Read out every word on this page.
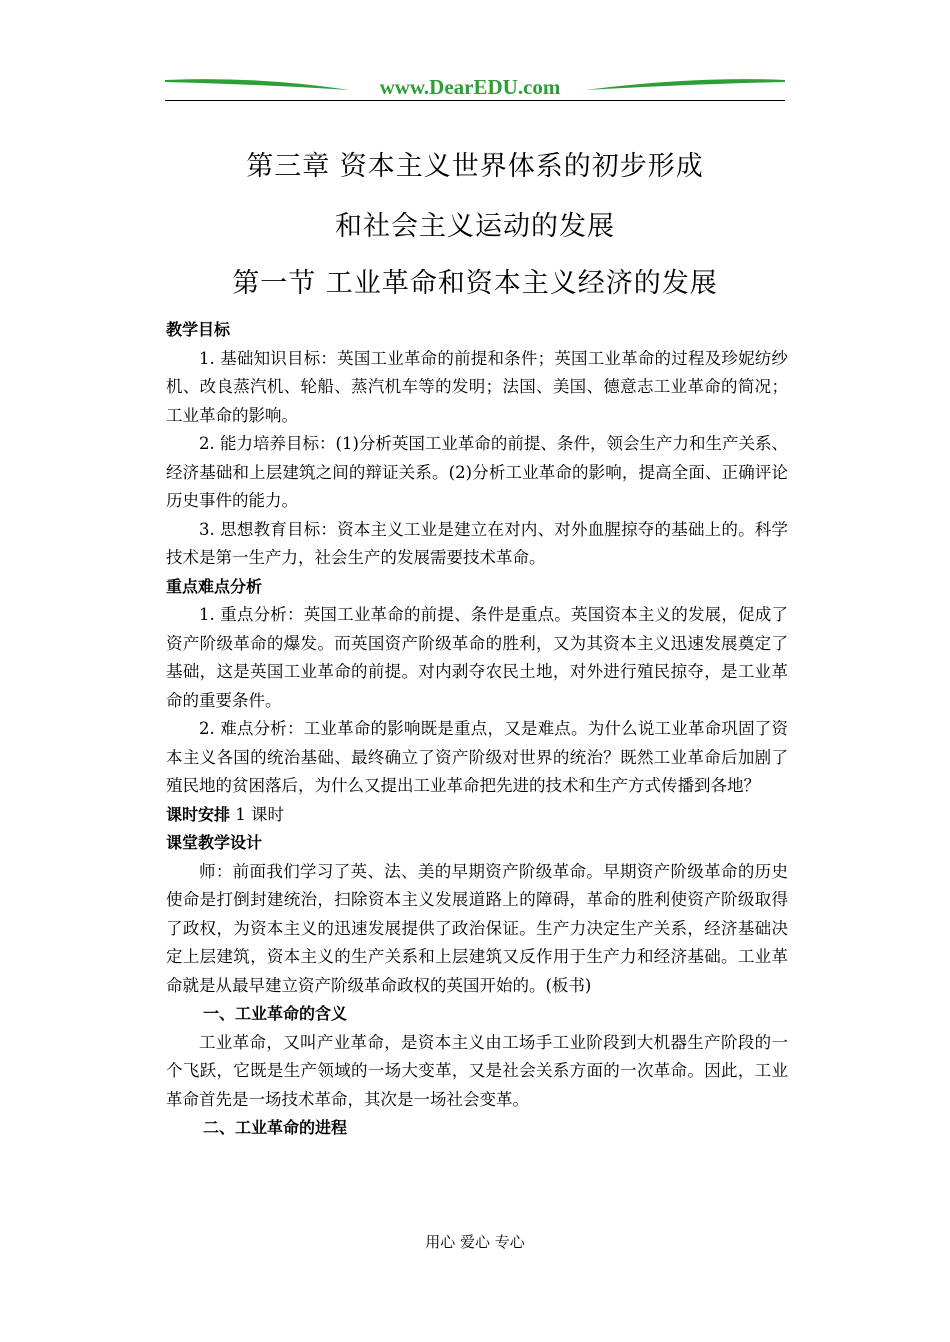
www.DearEDU.com
第三章 资本主义世界体系的初步形成
和社会主义运动的发展
第一节 工业革命和资本主义经济的发展

教学目标

1. 基础知识目标：英国工业革命的前提和条件；英国工业革命的过程及珍妮纺纱机、改良蒸汽机、轮船、蒸汽机车等的发明；法国、美国、德意志工业革命的简况；工业革命的影响。

2. 能力培养目标：(1)分析英国工业革命的前提、条件，领会生产力和生产关系、经济基础和上层建筑之间的辩证关系。(2)分析工业革命的影响，提高全面、正确评论历史事件的能力。

3. 思想教育目标：资本主义工业是建立在对内、对外血腥掠夺的基础上的。科学技术是第一生产力，社会生产的发展需要技术革命。

重点难点分析

1. 重点分析：英国工业革命的前提、条件是重点。英国资本主义的发展，促成了资产阶级革命的爆发。而英国资产阶级革命的胜利，又为其资本主义迅速发展奠定了基础，这是英国工业革命的前提。对内剥夺农民土地，对外进行殖民掠夺，是工业革命的重要条件。

2. 难点分析：工业革命的影响既是重点，又是难点。为什么说工业革命巩固了资本主义各国的统治基础、最终确立了资产阶级对世界的统治？既然工业革命后加剧了殖民地的贫困落后，为什么又提出工业革命把先进的技术和生产方式传播到各地？

课时安排 1 课时

课堂教学设计

师：前面我们学习了英、法、美的早期资产阶级革命。早期资产阶级革命的历史使命是打倒封建统治，扫除资本主义发展道路上的障碍，革命的胜利使资产阶级取得了政权，为资本主义的迅速发展提供了政治保证。生产力决定生产关系，经济基础决定上层建筑，资本主义的生产关系和上层建筑又反作用于生产力和经济基础。工业革命就是从最早建立资产阶级革命政权的英国开始的。(板书)

一、工业革命的含义

工业革命，又叫产业革命，是资本主义由工场手工业阶段到大机器生产阶段的一个飞跃，它既是生产领域的一场大变革，又是社会关系方面的一次革命。因此，工业革命首先是一场技术革命，其次是一场社会变革。

二、工业革命的进程

用心 爱心 专心
